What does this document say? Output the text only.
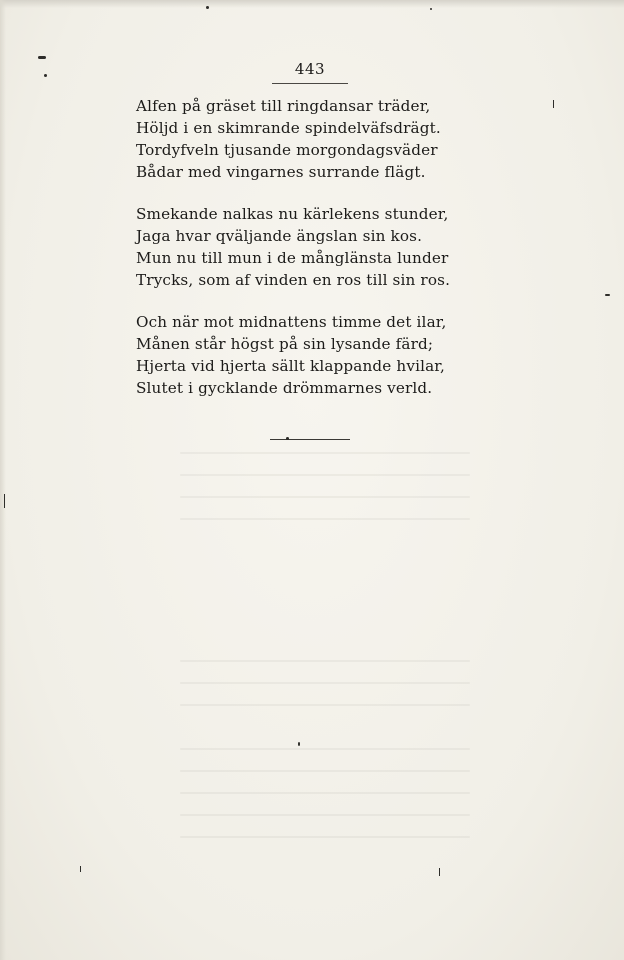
443
Alfen på gräset till ringdansar träder,
Höljd i en skimrande spindelväfsdrägt.
Tordyfveln tjusande morgondagsväder
Bådar med vingarnes surrande flägt.
Smekande nalkas nu kärlekens stunder,
Jaga hvar qväljande ängslan sin kos.
Mun nu till mun i de månglänsta lunder
Trycks, som af vinden en ros till sin ros.
Och när mot midnattens timme det ilar,
Månen står högst på sin lysande färd;
Hjerta vid hjerta sällt klappande hvilar,
Slutet i gycklande drömmarnes verld.
